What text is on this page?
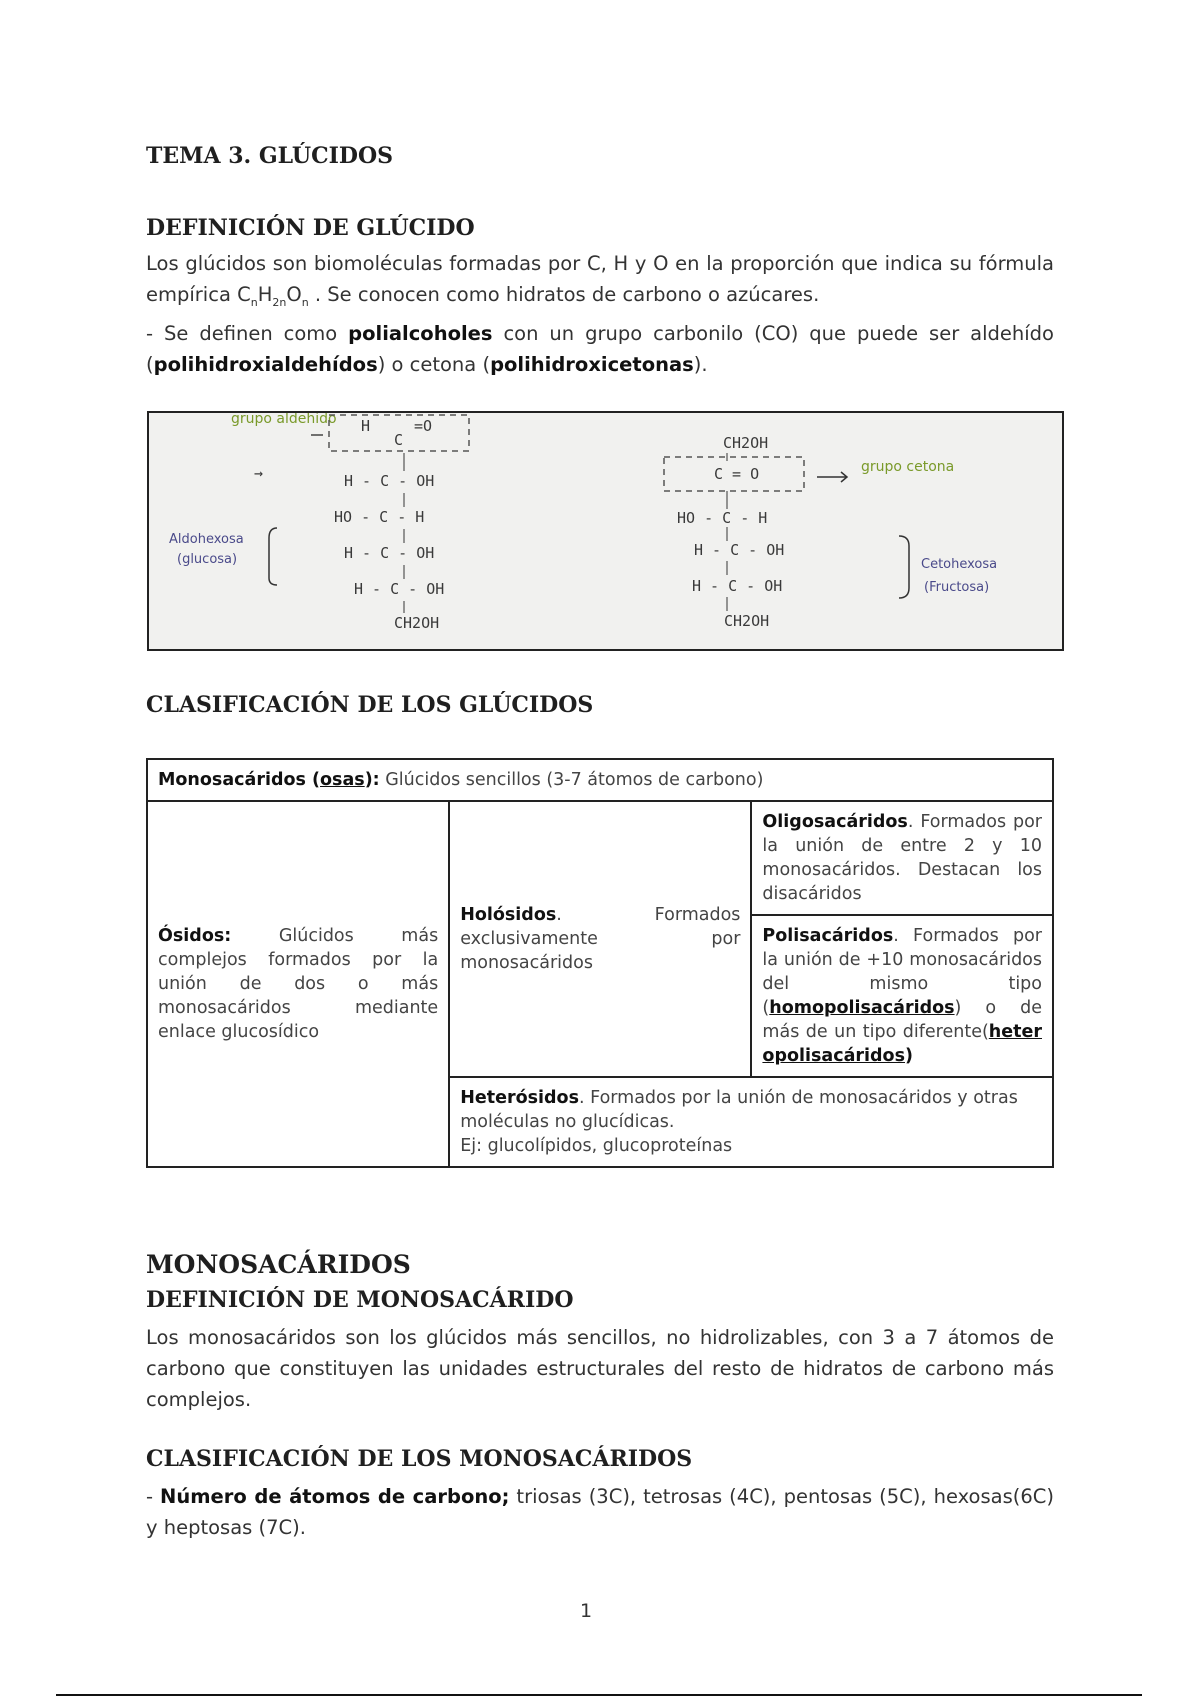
TEMA 3. GLÚCIDOS
DEFINICIÓN DE GLÚCIDO

Los glúcidos son biomoléculas formadas por C, H y O en la proporción que indica su fórmula empírica $C_nH_{2n}O_n$ . Se conocen como hidratos de carbono o azúcares.
- Se definen como polialcoholes con un grupo carbonilo (CO) que puede ser aldehído (polihidroxialdehídos) o cetona (polihidroxicetonas).

grupo aldehido H
C
=O
→	H - C - OH
HO - C - H
H - C - OH
H - C - OH
CH2OH
Aldohexosa
(glucosa)
CH2OH
C = O
HO - C - H
H - C - OH
H - C - OH
CH2OH
grupo cetona
Cetohexosa
(Fructosa)
CLASIFICACIÓN DE LOS GLÚCIDOS
Monosacáridos (osas): Glúcidos sencillos (3-7 átomos de carbono)
Ósidos: Glúcidos más complejos formados por la unión de dos o más monosacáridos mediante enlace glucosídico	Holósidos. Formados exclusivamente por monosacáridos	Oligosacáridos. Formados por la unión de entre 2 y 10 monosacáridos. Destacan los disacáridos
Polisacáridos. Formados por la unión de +10 monosacáridos del mismo tipo (homopolisacáridos) o de más de un tipo diferente(heteropolisacáridos)
Heterósidos. Formados por la unión de monosacáridos y otras moléculas no glucídicas.
Ej: glucolípidos, glucoproteínas
MONOSACÁRIDOS
DEFINICIÓN DE MONOSACÁRIDO

Los monosacáridos son los glúcidos más sencillos, no hidrolizables, con 3 a 7 átomos de carbono que constituyen las unidades estructurales del resto de hidratos de carbono más complejos.

CLASIFICACIÓN DE LOS MONOSACÁRIDOS

- Número de átomos de carbono; triosas (3C), tetrosas (4C), pentosas (5C), hexosas(6C) y heptosas (7C).

1
